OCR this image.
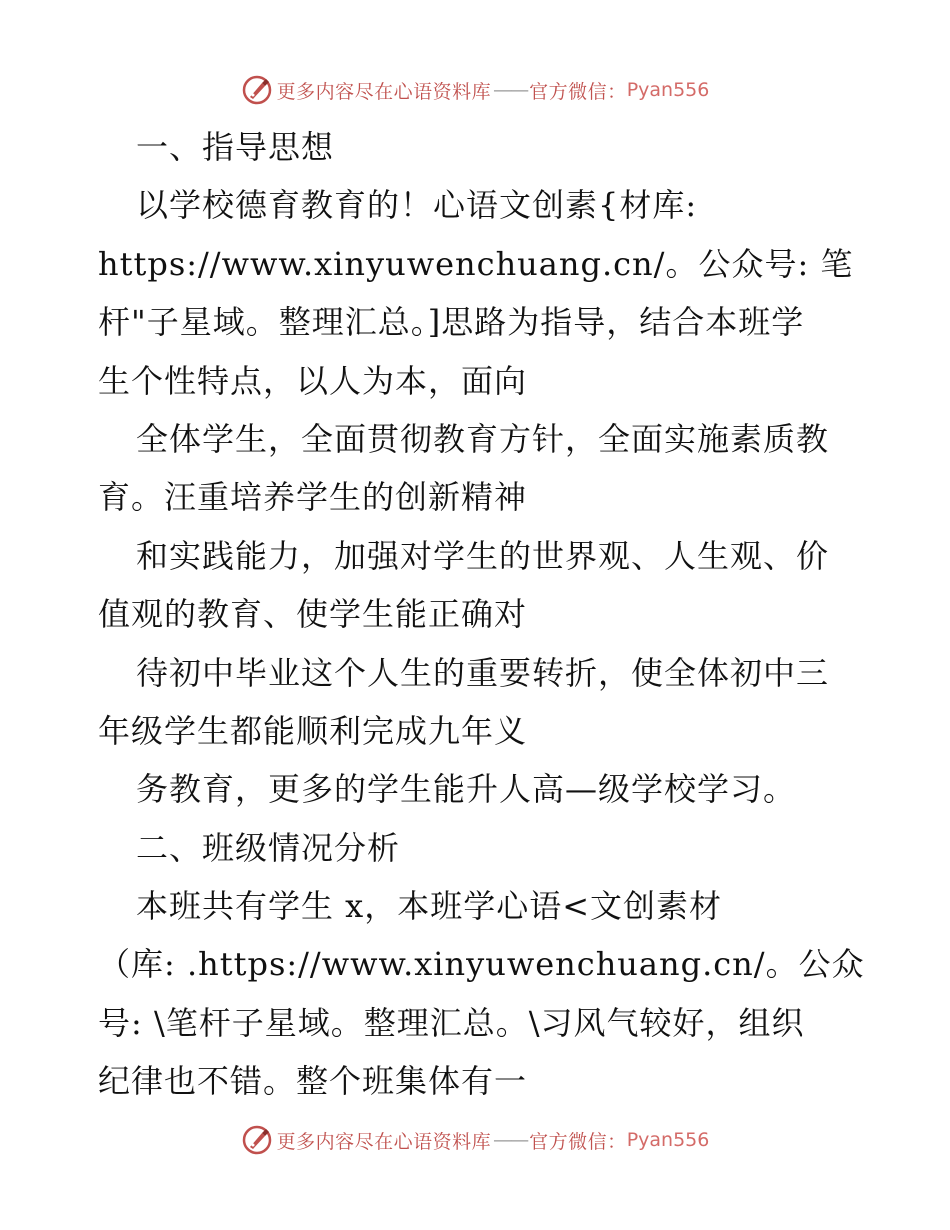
更多内容尽在心语资料库 —— 官方微信： Pyan556
一、指导思想
以学校德育教育的！心语文创素{材库:
https://www.xinyuwenchuang.cn/。公众号: 笔
杆"子星域。整理汇总。]思路为指导，结合本班学
生个性特点，以人为本，面向
全体学生，全面贯彻教育方针，全面实施素质教
育。汪重培养学生的创新精神
和实践能力，加强对学生的世界观、人生观、价
值观的教育、使学生能正确对
待初中毕业这个人生的重要转折，使全体初中三
年级学生都能顺利完成九年义
务教育，更多的学生能升人高—级学校学习。
二、班级情况分析
本班共有学生 x，本班学心语<文创素材
（库: .https://www.xinyuwenchuang.cn/。公众
号: \笔杆子星域。整理汇总。\习风气较好，组织
纪律也不错。整个班集体有一
更多内容尽在心语资料库 —— 官方微信： Pyan556
